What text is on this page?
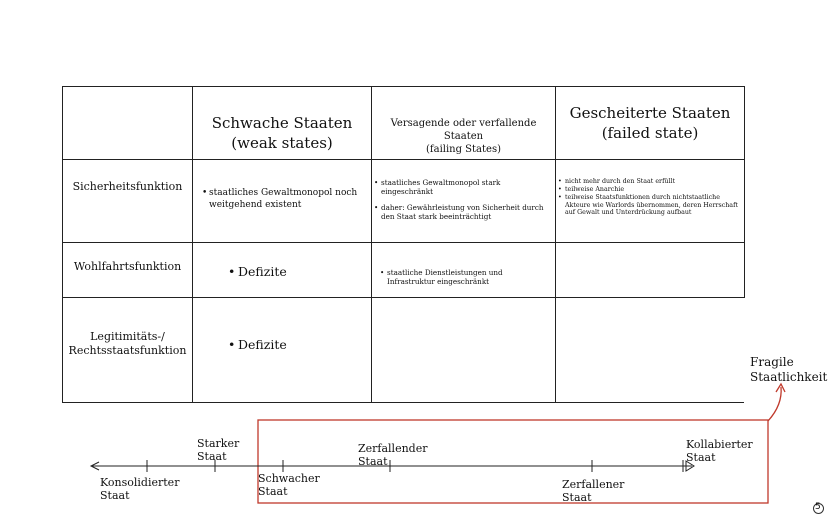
Schwache Staaten
(weak states)
Versagende oder verfallende Staaten
(failing States)
Gescheiterte Staaten
(failed state)
Sicherheitsfunktion
Wohlfahrtsfunktion
Legitimitäts-/
Rechtsstaatsfunktion
• staatliches Gewaltmonopol noch weitgehend existent
• staatliches Gewaltmonopol stark eingeschränkt
• daher: Gewährleistung von Sicherheit durch den Staat stark beeinträchtigt
• nicht mehr durch den Staat erfüllt
• teilweise Anarchie
• teilweise Staatsfunktionen durch nichtstaatliche Akteure wie Warlords übernommen, deren Herrschaft auf Gewalt und Unterdrückung aufbaut
• Defizite
•	staatliche Dienstleistungen und Infrastruktur eingeschränkt
• Defizite
Fragile
Staatlichkeit
Konsolidierter
Staat
Starker
Staat
Schwacher
Staat
Zerfallender
Staat
Zerfallener
Staat
Kollabierter
Staat
5
